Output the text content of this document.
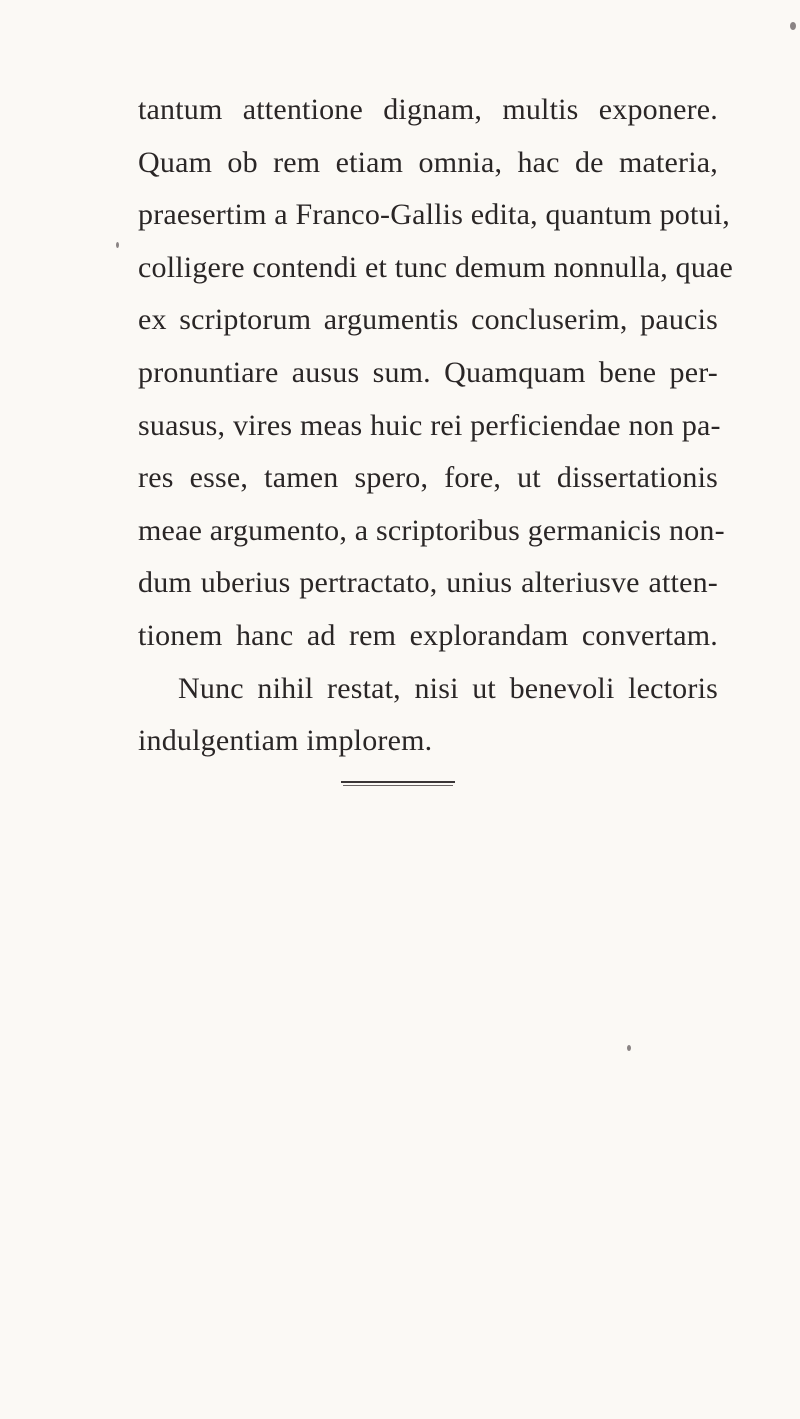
tantum attentione dignam, multis exponere.
Quam ob rem etiam omnia, hac de materia,
praesertim a Franco-Gallis edita, quantum potui,
colligere contendi et tunc demum nonnulla, quae
ex scriptorum argumentis concluserim, paucis
pronuntiare ausus sum. Quamquam bene per-
suasus, vires meas huic rei perficiendae non pa-
res esse, tamen spero, fore, ut dissertationis
meae argumento, a scriptoribus germanicis non-
dum uberius pertractato, unius alteriusve atten-
tionem hanc ad rem explorandam convertam.
Nunc nihil restat, nisi ut benevoli lectoris
indulgentiam implorem.
